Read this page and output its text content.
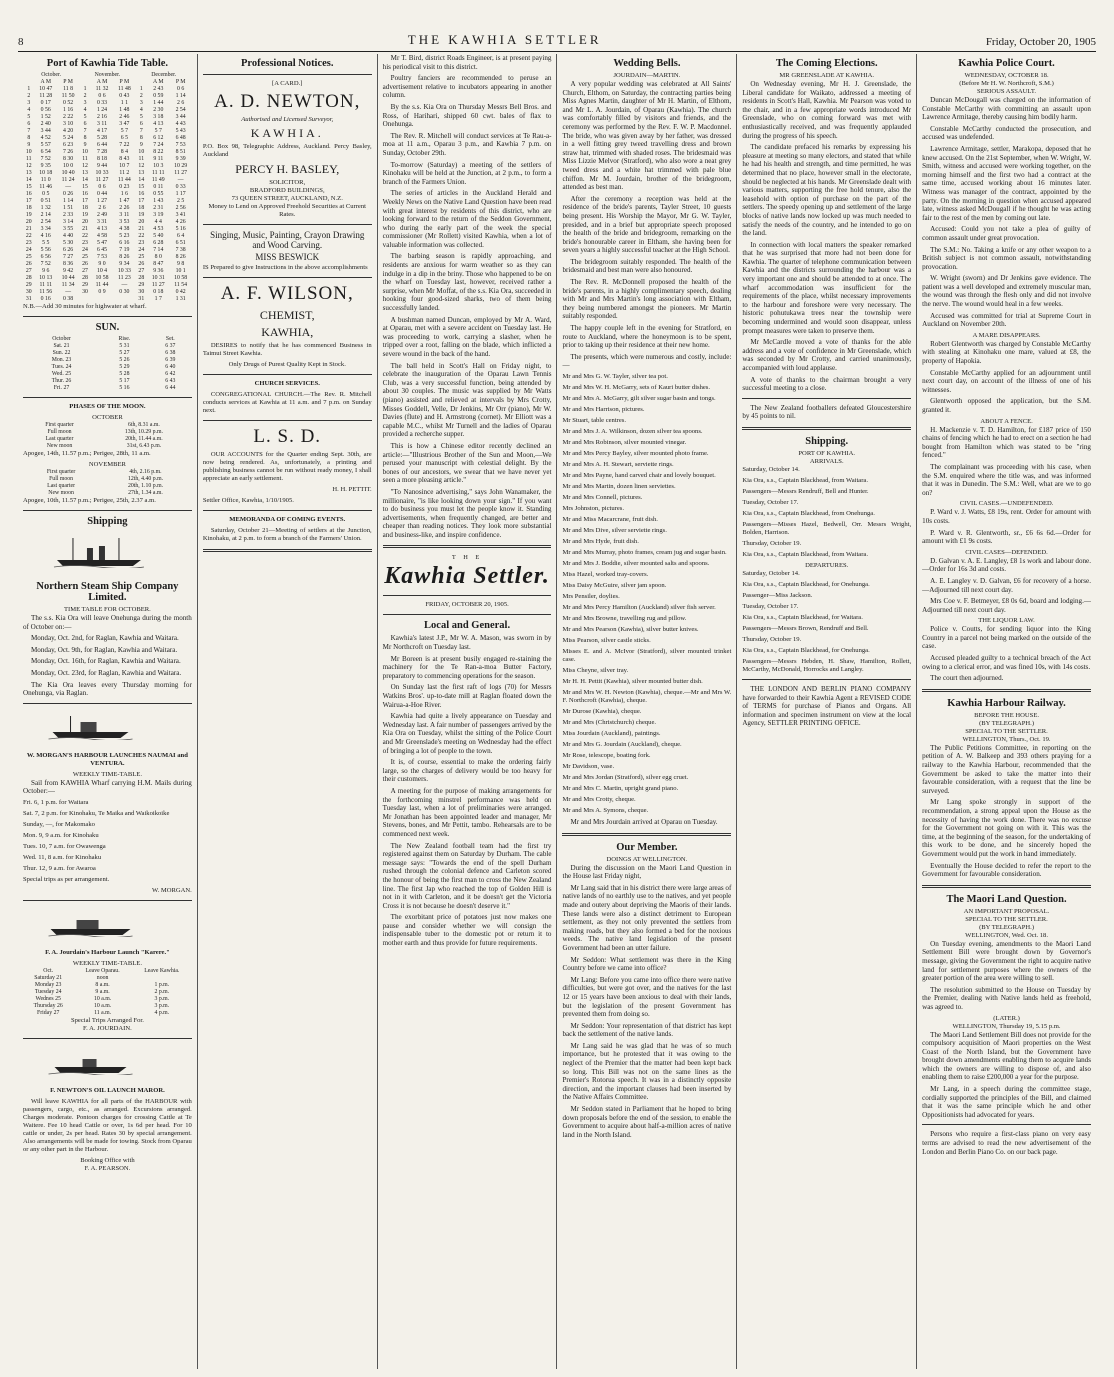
8	THE KAWHIA SETTLER	Friday, October 20, 1905
Port of Kawhia Tide Table.
October.			November.			December.		
	A M	P M		A M	P M		A M	P M
1	10 47	11 8	1	11 32	11 48	1	2 43	0 6
2	11 28	11 50	2	0 6	0 43	2	0 59	1 14
3	0 17	0 52	3	0 33	1 1	3	1 44	2 6
4	0 56	1 16	4	1 24	1 48	4	2 30	2 54
5	1 52	2 22	5	2 16	2 46	5	3 18	3 44
6	2 40	3 10	6	3 11	3 47	6	4 13	4 43
7	3 44	4 20	7	4 17	5 7	7	5 7	5 43
8	4 52	5 24	8	5 28	6 5	8	6 12	6 48
9	5 57	6 23	9	6 44	7 22	9	7 24	7 53
10	6 54	7 26	10	7 28	8 4	10	8 22	8 51
11	7 52	8 30	11	8 18	8 43	11	9 11	9 39
12	9 35	10 0	12	9 44	10 7	12	10 3	10 29
13	10 18	10 40	13	10 33	11 2	13	11 11	11 27
14	11 0	11 24	14	11 27	11 44	14	11 49	—
15	11 46	—	15	0 6	0 23	15	0 11	0 33
16	0 5	0 26	16	0 44	1 6	16	0 55	1 17
17	0 51	1 14	17	1 27	1 47	17	1 43	2 5
18	1 32	1 51	18	2 6	2 26	18	2 31	2 56
19	2 14	2 33	19	2 49	3 11	19	3 19	3 41
20	2 54	3 14	20	3 31	3 53	20	4 4	4 26
21	3 34	3 55	21	4 13	4 38	21	4 53	5 16
22	4 16	4 40	22	4 58	5 23	22	5 40	6 4
23	5 5	5 30	23	5 47	6 16	23	6 28	6 51
24	5 56	6 26	24	6 45	7 19	24	7 14	7 38
25	6 56	7 27	25	7 53	8 26	25	8 0	8 26
26	7 52	8 36	26	9 0	9 34	26	8 47	9 8
27	9 6	9 42	27	10 4	10 33	27	9 36	10 1
28	10 13	10 44	28	10 58	11 23	28	10 31	10 58
29	11 11	11 34	29	11 44	—	29	11 27	11 54
30	11 56	—	30	0 9	0 30	30	0 18	0 42
31	0 16	0 38				31	1 7	1 31

N.B.—Add 30 minutes for highwater at wharf.

SUN.
October	Rise.	Set.
Sat. 21	5 31	6 37
Sun. 22	5 27	6 38
Mon. 23	5 26	6 39
Tues. 24	5 29	6 40
Wed. 25	5 28	6 42
Thur. 26	5 17	6 43
Fri. 27	5 16	6 44
PHASES OF THE MOON.
OCTOBER
First quarter	6th, 8.31 a.m.
Full moon	13th, 10.29 p.m.
Last quarter	20th, 11.44 a.m.
New moon	31st, 6.43 p.m.

Apogee, 14th, 11.57 p.m.; Perigee, 28th, 11 a.m.

NOVEMBER
First quarter	4th, 2.16 p.m.
Full moon	12th, 4.40 p.m.
Last quarter	20th, 1.10 p.m.
New moon	27th, 1.34 a.m.

Apogee, 10th, 11.57 p.m.; Perigee, 25th, 2.37 a.m.

Shipping
Northern Steam Ship Company Limited.
TIME TABLE FOR OCTOBER.

The s.s. Kia Ora will leave Onehunga during the month of October on:—

Monday, Oct. 2nd, for Raglan, Kawhia and Waitara.

Monday, Oct. 9th, for Raglan, Kawhia and Waitara.

Monday, Oct. 16th, for Raglan, Kawhia and Waitara.

Monday, Oct. 23rd, for Raglan, Kawhia and Waitara.

The Kia Ora leaves every Thursday morning for Onehunga, via Raglan.

W. MORGAN'S HARBOUR LAUNCHES NAUMAI and VENTURA.
WEEKLY TIME-TABLE.

Sail from KAWHIA Wharf carrying H.M. Mails during October:—

Fri. 6, 1 p.m. for Waitara

Sat. 7, 2 p.m. for Kinohaku, Te Maika and Waikoikoike

Sunday, —, for Makomako

Mon. 9, 9 a.m. for Kinohaku

Tues. 10, 7 a.m. for Owawenga

Wed. 11, 8 a.m. for Kinohaku

Thur. 12, 9 a.m. for Awaroa

Special trips as per arrangement.

W. MORGAN.

F. A. Jourdain's Harbour Launch "Karere."
WEEKLY TIME-TABLE.
Oct.	Leave Oparau.	Leave Kawhia.
Saturday 21	noon	
Monday 23	8 a.m.	1 p.m.
Tuesday 24	9 a.m.	2 p.m.
Wednes 25	10 a.m.	3 p.m.
Thursday 26	10 a.m.	3 p.m.
Friday 27	11 a.m.	4 p.m.
Special Trips Arranged For.
F. A. JOURDAIN.
F. NEWTON'S OIL LAUNCH MAROR.

Will leave KAWHIA for all parts of the HARBOUR with passengers, cargo, etc., as arranged. Excursions arranged. Charges moderate. Pontoon charges for crossing Cattle at Te Waitere. Fee 10 head Cattle or over, 1s 6d per head. For 10 cattle or under, 2s per head. Rates 30 by special arrangement. Also arrangements will be made for towing. Stock from Oparau or any other part in the Harbour.

Booking Office with
F. A. PEARSON.
Professional Notices.
[A CARD.]
A. D. NEWTON,
Authorised and Licensed Surveyor,
KAWHIA.

P.O. Box 98, Telegraphic Address, Auckland. Percy Basley, Auckland

PERCY H. BASLEY,
SOLICITOR,
BRADFORD BUILDINGS,
73 QUEEN STREET, AUCKLAND, N.Z.

Money to Lend on Approved Freehold Securities at Current Rates.

Singing, Music, Painting, Crayon Drawing and Wood Carving.
MISS BESWICK

IS Prepared to give Instructions in the above accomplishments

A. F. WILSON,
CHEMIST,
KAWHIA,

DESIRES to notify that he has commenced Business in Taimui Street Kawhia.

Only Drugs of Purest Quality Kept in Stock.

CHURCH SERVICES.

CONGREGATIONAL CHURCH.—The Rev. R. Mitchell conducts services at Kawhia at 11 a.m. and 7 p.m. on Sunday next.

L. S. D.

OUR ACCOUNTS for the Quarter ending Sept. 30th, are now being rendered. As, unfortunately, a printing and publishing business cannot be run without ready money, I shall appreciate an early settlement.

H. H. PETTIT.

Settler Office, Kawhia, 1/10/1905.

MEMORANDA OF COMING EVENTS.

Saturday, October 21—Meeting of settlers at the Junction, Kinohaku, at 2 p.m. to form a branch of the Farmers' Union.

Mr T. Bird, district Roads Engineer, is at present paying his periodical visit to this district.

Poultry fanciers are recommended to peruse an advertisement relative to incubators appearing in another column.

By the s.s. Kia Ora on Thursday Messrs Bell Bros. and Ross, of Harihari, shipped 60 cwt. bales of flax to Onehunga.

The Rev. R. Mitchell will conduct services at Te Rau-a-moa at 11 a.m., Oparau 3 p.m., and Kawhia 7 p.m. on Sunday, October 29th.

To-morrow (Saturday) a meeting of the settlers of Kinohaku will be held at the Junction, at 2 p.m., to form a branch of the Farmers Union.

The series of articles in the Auckland Herald and Weekly News on the Native Land Question have been read with great interest by residents of this district, who are looking forward to the return of the Seddon Government, who during the early part of the week the special commissioner (Mr Rollett) visited Kawhia, when a lot of valuable information was collected.

The barbing season is rapidly approaching, and residents are anxious for warm weather so as they can indulge in a dip in the briny. Those who happened to be on the wharf on Tuesday last, however, received rather a surprise, when Mr Moffat, of the s.s. Kia Ora, succeeded in hooking four good-sized sharks, two of them being successfully landed.

A bushman named Duncan, employed by Mr A. Ward, at Oparau, met with a severe accident on Tuesday last. He was proceeding to work, carrying a slasher, when he tripped over a root, falling on the blade, which inflicted a severe wound in the back of the hand.

The ball held in Scott's Hall on Friday night, to celebrate the inauguration of the Oparau Lawn Tennis Club, was a very successful function, being attended by about 30 couples. The music was supplied by Mr Watts (piano) assisted and relieved at intervals by Mrs Crotty, Misses Goddell, Velle, Dr Jenkins, Mr Orr (piano), Mr W. Davies (flute) and H. Armstrong (cornet). Mr Elliott was a capable M.C., whilst Mr Turnell and the ladies of Oparau provided a recherche supper.

This is how a Chinese editor recently declined an article:—"Illustrious Brother of the Sun and Moon,—We perused your manuscript with celestial delight. By the bones of our ancestors, we swear that we have never yet seen a more pleasing article."

"To Nanosince advertising," says John Wanamaker, the millionaire, "is like looking down your sign." If you want to do business you must let the people know it. Standing advertisements, when frequently changed, are better and cheaper than reading notices. They look more substantial and business-like, and inspire confidence.

T H E
Kawhia Settler.
FRIDAY, OCTOBER 20, 1905.
Local and General.

Kawhia's latest J.P., Mr W. A. Mason, was sworn in by Mr Northcroft on Tuesday last.

Mr Boreen is at present busily engaged re-staining the machinery for the Te Ran-a-moa Butter Factory, preparatory to commencing operations for the season.

On Sunday last the first raft of logs (70) for Messrs Watkins Bros'. up-to-date mill at Raglan floated down the Wairua-a-Hoe River.

Kawhia had quite a lively appearance on Tuesday and Wednesday last. A fair number of passengers arrived by the Kia Ora on Tuesday, whilst the sitting of the Police Court and Mr Greenslade's meeting on Wednesday had the effect of bringing a lot of people to the town.

It is, of course, essential to make the ordering fairly large, so the charges of delivery would be too heavy for their customers.

A meeting for the purpose of making arrangements for the forthcoming minstrel performance was held on Tuesday last, when a lot of preliminaries were arranged. Mr Jonathan has been appointed leader and manager, Mr Stevens, bones, and Mr Pettit, tambo. Rehearsals are to be commenced next week.

The New Zealand football team had the first try registered against them on Saturday by Durham. The cable message says: "Towards the end of the spell Durham rushed through the colonial defence and Carleton scored the honour of being the first man to cross the New Zealand line. The first Jap who reached the top of Golden Hill is not in it with Carleton, and it be doesn't get the Victoria Cross it is not because he doesn't deserve it."

The exorbitant price of potatoes just now makes one pause and consider whether we will consign the indispensable tuber to the domestic pot or return it to mother earth and thus provide for future requirements.

Wedding Bells.
JOURDAIN—MARTIN.

A very popular wedding was celebrated at All Saints' Church, Elthom, on Saturday, the contracting parties being Miss Agnes Martin, daughter of Mr H. Martin, of Elthom, and Mr L. A. Jourdain, of Oparau (Kawhia). The church was comfortably filled by visitors and friends, and the ceremony was performed by the Rev. F. W. P. Macdonnel. The bride, who was given away by her father, was dressed in a well fitting grey tweed travelling dress and brown straw hat, trimmed with shaded roses. The bridesmaid was Miss Lizzie Melvor (Stratford), who also wore a neat grey tweed dress and a white hat trimmed with pale blue chiffon. Mr M. Jourdain, brother of the bridegroom, attended as best man.

After the ceremony a reception was held at the residence of the bride's parents, Tayler Street, 10 guests being present. His Worship the Mayor, Mr G. W. Tayler, presided, and in a brief but appropriate speech proposed the health of the bride and bridegroom, remarking on the bride's honourable career in Eltham, she having been for seven years a highly successful teacher at the High School.

The bridegroom suitably responded. The health of the bridesmaid and best man were also honoured.

The Rev. R. McDonnell proposed the health of the bride's parents, in a highly complimentary speech, dealing with Mr and Mrs Martin's long association with Eltham, they being numbered amongst the pioneers. Mr Martin suitably responded.

The happy couple left in the evening for Stratford, en route to Auckland, where the honeymoon is to be spent, prior to taking up their residence at their new home.

The presents, which were numerous and costly, include:—

Mr and Mrs G. W. Tayler, silver tea pot.

Mr and Mrs W. H. McGarry, sets of Kauri butter dishes.

Mr and Mrs A. McGarry, gilt silver sugar basin and tongs.

Mr and Mrs Harrison, pictures.

Mr Stuart, table centres.

Mr and Mrs J. A. Wilkinson, dozen silver tea spoons.

Mr and Mrs Robinson, silver mounted vinegar.

Mr and Mrs Percy Bayley, silver mounted photo frame.

Mr and Mrs A. H. Stewart, serviette rings.

Mr and Mrs Payne, hand carved chair and lovely bouquet.

Mr and Mrs Martin, dozen linen serviettes.

Mr and Mrs Connell, pictures.

Mrs Johnston, pictures.

Mr and Miss Macarcrane, fruit dish.

Mr and Mrs Dive, silver serviette rings.

Mr and Mrs Hyde, fruit dish.

Mr and Mrs Murray, photo frames, cream jug and sugar basin.

Mr and Mrs J. Boddie, silver mounted salts and spoons.

Miss Hazel, worked tray-covers.

Miss Daisy McGuire, silver jam spoon.

Mrs Pensiler, doylies.

Mr and Mrs Percy Hamilton (Auckland) silver fish server.

Mr and Mrs Browne, travelling rug and pillow.

Mr and Mrs Pearson (Kawhia), silver butter knives.

Miss Pearson, silver castle sticks.

Misses E. and A. McIvor (Stratford), silver mounted trinket case.

Miss Cheyne, silver tray.

Mr H. H. Pettit (Kawhia), silver mounted butter dish.

Mr and Mrs W. H. Newton (Kawhia), cheque.—Mr and Mrs W. F. Northcroft (Kawhia), cheque.

Mr Durose (Kawhia), cheque.

Mr and Mrs (Christchurch) cheque.

Miss Jourdain (Auckland), paintings.

Mr and Mrs G. Jourdain (Auckland), cheque.

Mr Rose, telescope, boating fork.

Mr Davidson, vase.

Mr and Mrs Jordan (Stratford), silver egg cruet.

Mr and Mrs C. Martin, upright grand piano.

Mr and Mrs Crotty, cheque.

Mr and Mrs A. Symons, cheque.

Mr and Mrs Jourdain arrived at Oparau on Tuesday.

Our Member.
DOINGS AT WELLINGTON.

During the discussion on the Maori Land Question in the House last Friday night,

Mr Lang said that in his district there were large areas of native lands of no earthly use to the natives, and yet people made and outery about depriving the Maoris of their lands. These lands were also a distinct detriment to European settlement, as they not only prevented the settlers from making roads, but they also formed a bed for the noxious weeds. The native land legislation of the present Government had been an utter failure.

Mr Seddon: What settlement was there in the King Country before we came into office?

Mr Lang: Before you came into office there were native difficulties, but were got over, and the natives for the last 12 or 15 years have been anxious to deal with their lands, but the legislation of the present Government has prevented them from doing so.

Mr Seddon: Your representation of that district has kept back the settlement of the native lands.

Mr Lang said he was glad that he was of so much importance, but he protested that it was owing to the neglect of the Premier that the matter had been kept back so long. This Bill was not on the same lines as the Premier's Rotorua speech. It was in a distinctly opposite direction, and the important clauses had been inserted by the Native Affairs Committee.

Mr Seddon stated in Parliament that he hoped to bring down proposals before the end of the session, to enable the Government to acquire about half-a-million acres of native land in the North Island.

The Coming Elections.
MR GREENSLADE AT KAWHIA.

On Wednesday evening, Mr H. J. Greenslade, the Liberal candidate for Waikato, addressed a meeting of residents in Scott's Hall, Kawhia. Mr Pearson was voted to the chair, and in a few appropriate words introduced Mr Greenslade, who on coming forward was met with enthusiastically received, and was frequently applauded during the progress of his speech.

The candidate prefaced his remarks by expressing his pleasure at meeting so many electors, and stated that while he had his health and strength, and time permitted, he was determined that no place, however small in the electorate, should be neglected at his hands. Mr Greenslade dealt with various matters, supporting the free hold tenure, also the leasehold with option of purchase on the part of the settlers. The speedy opening up and settlement of the large blocks of native lands now locked up was much needed to satisfy the needs of the country, and he intended to go on the land.

In connection with local matters the speaker remarked that he was surprised that more had not been done for Kawhia. The quarter of telephone communication between Kawhia and the districts surrounding the harbour was a very important one and should be attended to at once. The wharf accommodation was insufficient for the requirements of the place, whilst necessary improvements to the harbour and foreshore were very necessary. The historic pohutukawa trees near the township were becoming undermined and would soon disappear, unless prompt measures were taken to preserve them.

Mr McCardle moved a vote of thanks for the able address and a vote of confidence in Mr Greenslade, which was seconded by Mr Crotty, and carried unanimously, accompanied with loud applause.

A vote of thanks to the chairman brought a very successful meeting to a close.

The New Zealand footballers defeated Gloucestershire by 45 points to nil.

Shipping.
PORT OF KAWHIA.
ARRIVALS.

Saturday, October 14.

Kia Ora, s.s., Captain Blackhead, from Waitara.

Passengers—Messrs Rendruff, Bell and Hunter.

Tuesday, October 17.

Kia Ora, s.s., Captain Blackhead, from Onehunga.

Passengers—Misses Hazel, Bedwell, Orr. Messrs Wright, Bolden, Harrison.

Thursday, October 19.

Kia Ora, s.s., Captain Blackhead, from Waitara.

DEPARTURES.

Saturday, October 14.

Kia Ora, s.s., Captain Blackhead, for Onehunga.

Passenger—Miss Jackson.

Tuesday, October 17.

Kia Ora, s.s., Captain Blackhead, for Waitara.

Passengers—Messrs Brown, Rendruff and Bell.

Thursday, October 19.

Kia Ora, s.s., Captain Blackhead, for Onehunga.

Passengers—Messrs Hebden, H. Shaw, Hamilton, Rollett, McCarthy, McDonald, Horrocks and Langley.

THE LONDON AND BERLIN PIANO COMPANY have forwarded to their Kawhia Agent a REVISED CODE of TERMS for purchase of Pianos and Organs. All information and specimen instrument on view at the local Agency, SETTLER PRINTING OFFICE.

Kawhia Police Court.
WEDNESDAY, OCTOBER 18.
(Before Mr H. W. Northcroft, S.M.)
SERIOUS ASSAULT.

Duncan McDougall was charged on the information of Constable McCarthy with committing an assault upon Lawrence Armitage, thereby causing him bodily harm.

Constable McCarthy conducted the prosecution, and accused was undefended.

Lawrence Armitage, settler, Marakopa, deposed that he knew accused. On the 21st September, when W. Wright, W. Smith, witness and accused were working together, on the morning himself and the first two had a contract at the same time, accused working about 16 minutes later. Witness was manager of the contract, appointed by the party. On the morning in question when accused appeared late, witness asked McDougall if he thought he was acting fair to the rest of the men by coming out late.

Accused: Could you not take a plea of guilty of common assault under great provocation.

The S.M.: No. Taking a knife or any other weapon to a British subject is not common assault, notwithstanding provocation.

W. Wright (sworn) and Dr Jenkins gave evidence. The patient was a well developed and extremely muscular man, the wound was through the flesh only and did not involve the nerve. The wound would heal in a few weeks.

Accused was committed for trial at Supreme Court in Auckland on November 20th.

A MARE DISAPPEARS.

Robert Glentworth was charged by Constable McCarthy with stealing at Kinohaku one mare, valued at £8, the property of Hapokia.

Constable McCarthy applied for an adjournment until next court day, on account of the illness of one of his witnesses.

Glentworth opposed the application, but the S.M. granted it.

ABOUT A FENCE.

H. Mackenzie v. T. D. Hamilton, for £187 price of 150 chains of fencing which he had to erect on a section he had bought from Hamilton which was stated to be "ring fenced."

The complainant was proceeding with his case, when the S.M. enquired where the title was, and was informed that it was in Dunedin. The S.M.: Well, what are we to go on?

CIVIL CASES.—UNDEFENDED.

P. Ward v. J. Watts, £8 19s, rent. Order for amount with 10s costs.

P. Ward v. R. Glentworth, sr., £6 6s 6d.—Order for amount with £1 9s costs.

CIVIL CASES—DEFENDED.

D. Galvan v. A. E. Langley, £8 1s work and labour done.—Order for 16s 3d and costs.

A. E. Langley v. D. Galvan, £6 for recovery of a horse.—Adjourned till next court day.

Mrs Coe v. F. Betmeyer, £8 0s 6d, board and lodging.—Adjourned till next court day.

THE LIQUOR LAW.

Police v. Coutts, for sending liquor into the King Country in a parcel not being marked on the outside of the case.

Accused pleaded guilty to a technical breach of the Act owing to a clerical error, and was fined 10s, with 14s costs.

The court then adjourned.

Kawhia Harbour Railway.
BEFORE THE HOUSE.
(BY TELEGRAPH.)
SPECIAL TO THE SETTLER.
WELLINGTON, Thurs., Oct. 19.

The Public Petitions Committee, in reporting on the petition of A. W. Balkeep and 393 others praying for a railway to the Kawhia Harbour, recommended that the Government be asked to take the matter into their favourable consideration, with a request that the line be surveyed.

Mr Lang spoke strongly in support of the recommendation, a strong appeal upon the House as the necessity of having the work done. There was no excuse for the Government not going on with it. This was the time, at the beginning of the season, for the undertaking of this work to be done, and he sincerely hoped the Government would put the work in hand immediately.

Eventually the House decided to refer the report to the Government for favourable consideration.

The Maori Land Question.
AN IMPORTANT PROPOSAL.
SPECIAL TO THE SETTLER.
(BY TELEGRAPH.)
WELLINGTON, Wed. Oct. 18.

On Tuesday evening, amendments to the Maori Land Settlement Bill were brought down by Governor's message, giving the Government the right to acquire native land for settlement purposes where the owners of the greater portion of the area were willing to sell.

The resolution submitted to the House on Tuesday by the Premier, dealing with Native lands held as freehold, was agreed to.

(LATER.)
WELLINGTON, Thursday 19, 5.15 p.m.

The Maori Land Settlement Bill does not provide for the compulsory acquisition of Maori properties on the West Coast of the North Island, but the Government have brought down amendments enabling them to acquire lands which the owners are willing to dispose of, and also enabling them to raise £200,000 a year for the purpose.

Mr Lang, in a speech during the committee stage, cordially supported the principles of the Bill, and claimed that it was the same principle which he and other Oppositionists had advocated for years.

Persons who require a first-class piano on very easy terms are advised to read the new advertisement of the London and Berlin Piano Co. on our back page.
